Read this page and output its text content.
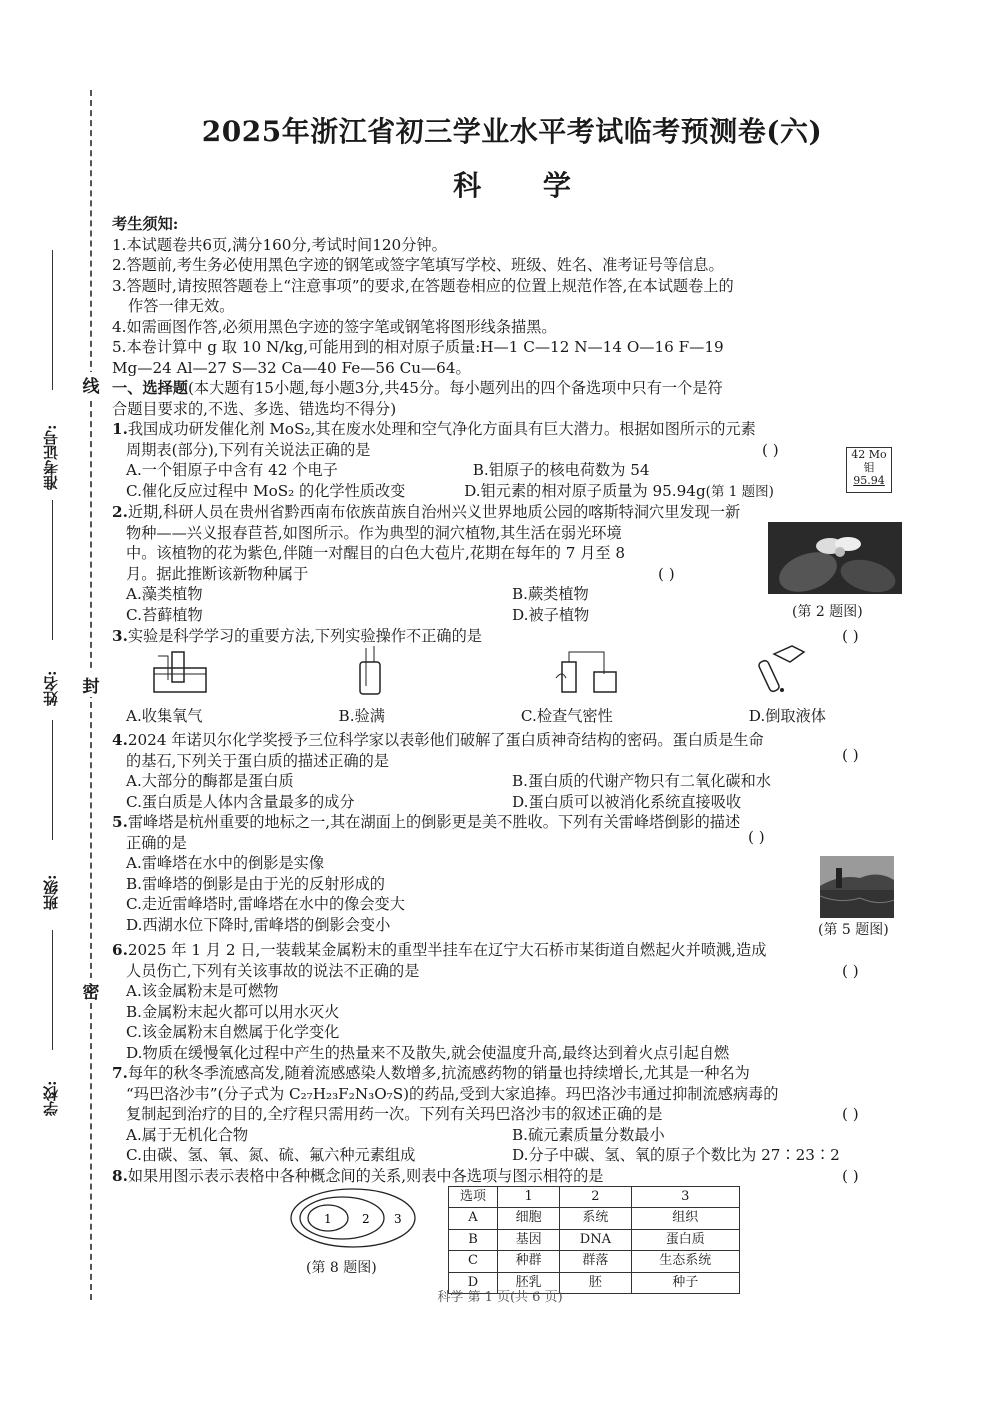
线
封
密
准考证号:
姓名:
班级:
学校:
2025年浙江省初三学业水平考试临考预测卷(六)
科 学
考生须知:
1.本试题卷共6页,满分160分,考试时间120分钟。
2.答题前,考生务必使用黑色字迹的钢笔或签字笔填写学校、班级、姓名、准考证号等信息。
3.答题时,请按照答题卷上“注意事项”的要求,在答题卷相应的位置上规范作答,在本试题卷上的
作答一律无效。
4.如需画图作答,必须用黑色字迹的签字笔或钢笔将图形线条描黑。
5.本卷计算中 g 取 10 N/kg,可能用到的相对原子质量:H—1 C—12 N—14 O—16 F—19
Mg—24 Al—27 S—32 Ca—40 Fe—56 Cu—64。
一、选择题(本大题有15小题,每小题3分,共45分。每小题列出的四个备选项中只有一个是符
合题目要求的,不选、多选、错选均不得分)
1.我国成功研发催化剂 MoS₂,其在废水处理和空气净化方面具有巨大潜力。根据如图所示的元素
周期表(部分),下列有关说法正确的是	( )
A.一个钼原子中含有 42 个电子	B.钼原子的核电荷数为 54
C.催化反应过程中 MoS₂ 的化学性质改变	D.钼元素的相对原子质量为 95.94g(第 1 题图)
42 Mo
钼
95.94
2.近期,科研人员在贵州省黔西南布依族苗族自治州兴义世界地质公园的喀斯特洞穴里发现一新
物种——兴义报春苣苔,如图所示。作为典型的洞穴植物,其生活在弱光环境
中。该植物的花为紫色,伴随一对醒目的白色大苞片,花期在每年的 7 月至 8
月。据此推断该新物种属于	( )
A.藻类植物	B.蕨类植物
C.苔藓植物	D.被子植物	(第 2 题图)
3.实验是科学学习的重要方法,下列实验操作不正确的是	( )
A.收集氧气	B.验满	C.检查气密性	D.倒取液体
4.2024 年诺贝尔化学奖授予三位科学家以表彰他们破解了蛋白质神奇结构的密码。蛋白质是生命
的基石,下列关于蛋白质的描述正确的是	( )
A.大部分的酶都是蛋白质	B.蛋白质的代谢产物只有二氧化碳和水
C.蛋白质是人体内含量最多的成分	D.蛋白质可以被消化系统直接吸收
5.雷峰塔是杭州重要的地标之一,其在湖面上的倒影更是美不胜收。下列有关雷峰塔倒影的描述
正确的是	( )
A.雷峰塔在水中的倒影是实像
B.雷峰塔的倒影是由于光的反射形成的
C.走近雷峰塔时,雷峰塔在水中的像会变大
D.西湖水位下降时,雷峰塔的倒影会变小	(第 5 题图)
6.2025 年 1 月 2 日,一装载某金属粉末的重型半挂车在辽宁大石桥市某街道自燃起火并喷溅,造成
人员伤亡,下列有关该事故的说法不正确的是	( )
A.该金属粉末是可燃物
B.金属粉末起火都可以用水灭火
C.该金属粉末自燃属于化学变化
D.物质在缓慢氧化过程中产生的热量来不及散失,就会使温度升高,最终达到着火点引起自燃
7.每年的秋冬季流感高发,随着流感感染人数增多,抗流感药物的销量也持续增长,尤其是一种名为
“玛巴洛沙韦”(分子式为 C₂₇H₂₃F₂N₃O₇S)的药品,受到大家追捧。玛巴洛沙韦通过抑制流感病毒的
复制起到治疗的目的,全疗程只需用药一次。下列有关玛巴洛沙韦的叙述正确的是	( )
A.属于无机化合物	B.硫元素质量分数最小
C.由碳、氢、氧、氮、硫、氟六种元素组成	D.分子中碳、氢、氧的原子个数比为 27∶23∶2
8.如果用图示表示表格中各种概念间的关系,则表中各选项与图示相符的是	( )
1	2 3
(第 8 题图)
选项	1	2	3
A	细胞	系统	组织
B	基因	DNA	蛋白质
C	种群	群落	生态系统
D	胚乳	胚	种子
科学 第 1 页(共 6 页)
